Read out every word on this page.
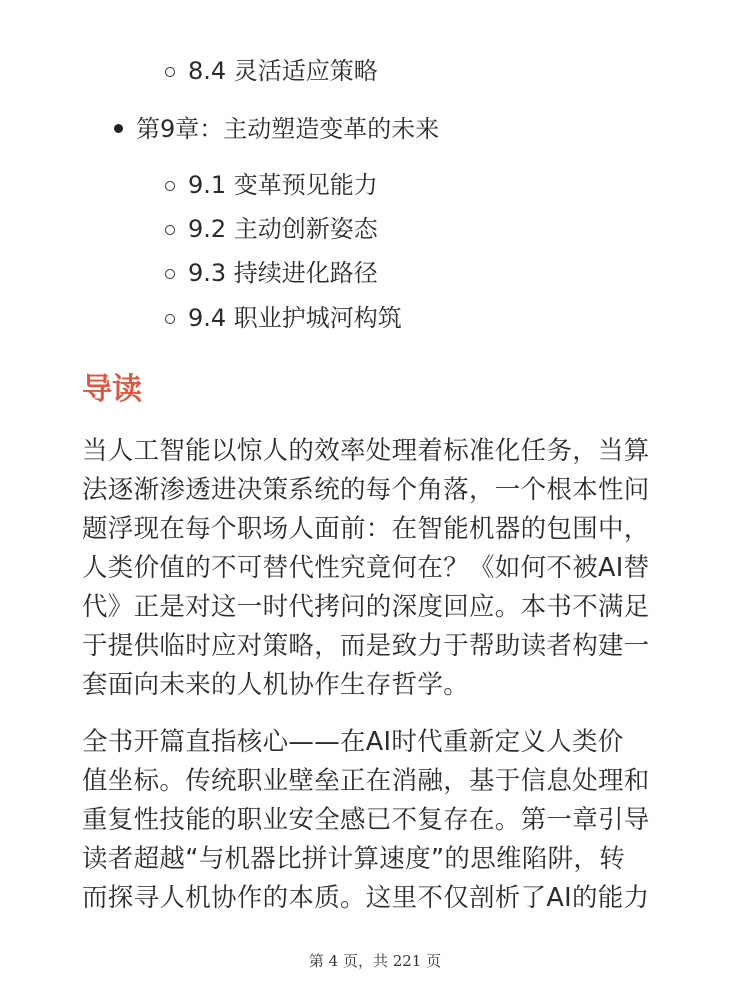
8.4 灵活适应策略
第9章：主动塑造变革的未来
9.1 变革预见能力
9.2 主动创新姿态
9.3 持续进化路径
9.4 职业护城河构筑
导读
当人工智能以惊人的效率处理着标准化任务，当算
法逐渐渗透进决策系统的每个角落，一个根本性问
题浮现在每个职场人面前：在智能机器的包围中，
人类价值的不可替代性究竟何在？《如何不被AI替
代》正是对这一时代拷问的深度回应。本书不满足
于提供临时应对策略，而是致力于帮助读者构建一
套面向未来的人机协作生存哲学。
全书开篇直指核心——在AI时代重新定义人类价
值坐标。传统职业壁垒正在消融，基于信息处理和
重复性技能的职业安全感已不复存在。第一章引导
读者超越“与机器比拼计算速度”的思维陷阱，转
而探寻人机协作的本质。这里不仅剖析了AI的能力
第 4 页，共 221 页
